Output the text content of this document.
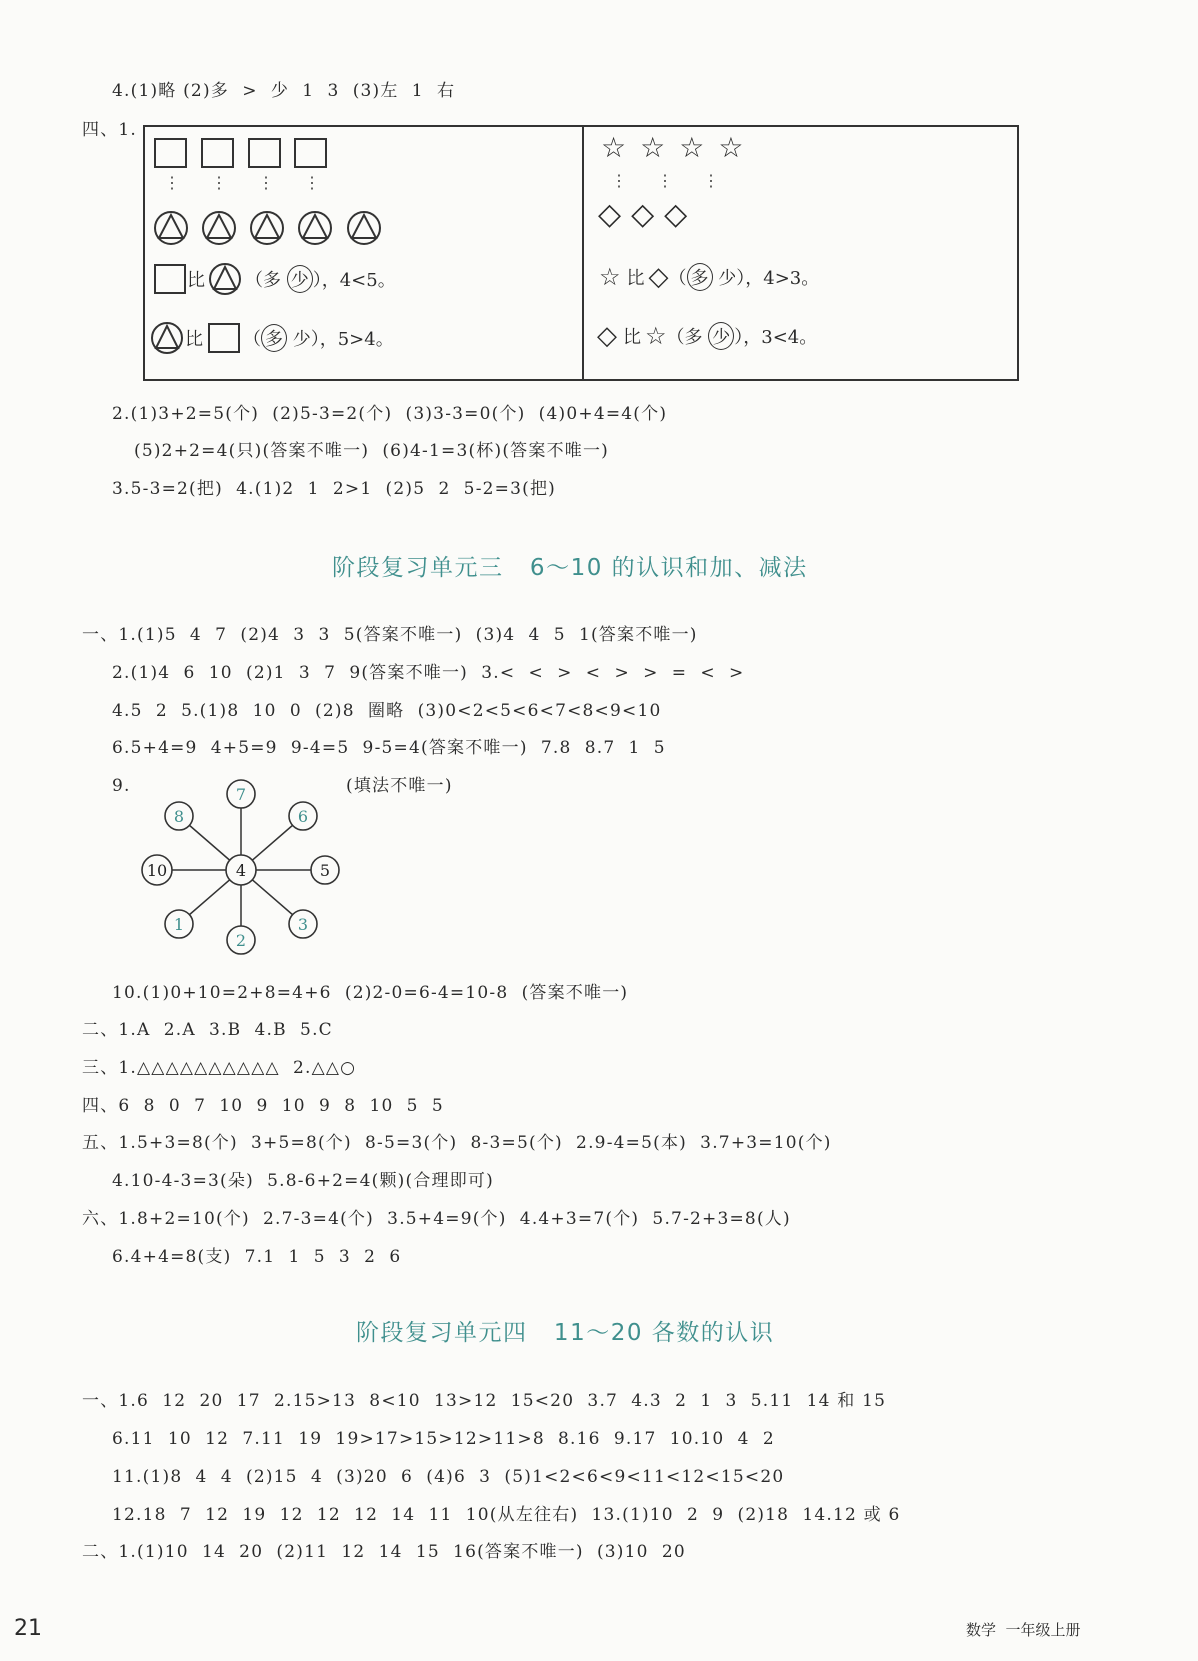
4.(1)略 (2)多  >  少  1  3  (3)左  1  右
四、1.
⋮ ⋮ ⋮ ⋮
比 （多 少 ），4<5。
比 （ 多 少），5>4。
☆☆☆☆
⋮ ⋮ ⋮
◇◇◇
☆ 比 ◇ （ 多 少），4>3。
◇ 比 ☆ （多 少 ），3<4。
2.(1)3+2=5(个)  (2)5-3=2(个)  (3)3-3=0(个)  (4)0+4=4(个)
(5)2+2=4(只)(答案不唯一)  (6)4-1=3(杯)(答案不唯一)
3.5-3=2(把)  4.(1)2  1  2>1  (2)5  2  5-2=3(把)
阶段复习单元三   6～10 的认识和加、减法
一、1.(1)5  4  7  (2)4  3  3  5(答案不唯一)  (3)4  4  5  1(答案不唯一)
2.(1)4  6  10  (2)1  3  7  9(答案不唯一)  3.<  <  >  <  >  >  =  <  >
4.5  2  5.(1)8  10  0  (2)8  圈略  (3)0<2<5<6<7<8<9<10
6.5+4=9  4+5=9  9-4=5  9-5=4(答案不唯一)  7.8  8.7  1  5
9.	(填法不唯一)
4
7
6
5
3
2
1
10
8
10.(1)0+10=2+8=4+6  (2)2-0=6-4=10-8  (答案不唯一)
二、1.A  2.A  3.B  4.B  5.C
三、1.△△△△△△△△△△  2.△△○
四、6  8  0  7  10  9  10  9  8  10  5  5
五、1.5+3=8(个)  3+5=8(个)  8-5=3(个)  8-3=5(个)  2.9-4=5(本)  3.7+3=10(个)
4.10-4-3=3(朵)  5.8-6+2=4(颗)(合理即可)
六、1.8+2=10(个)  2.7-3=4(个)  3.5+4=9(个)  4.4+3=7(个)  5.7-2+3=8(人)
6.4+4=8(支)  7.1  1  5  3  2  6
阶段复习单元四   11～20 各数的认识
一、1.6  12  20  17  2.15>13  8<10  13>12  15<20  3.7  4.3  2  1  3  5.11  14 和 15
6.11  10  12  7.11  19  19>17>15>12>11>8  8.16  9.17  10.10  4  2
11.(1)8  4  4  (2)15  4  (3)20  6  (4)6  3  (5)1<2<6<9<11<12<15<20
12.18  7  12  19  12  12  12  14  11  10(从左往右)  13.(1)10  2  9  (2)18  14.12 或 6
二、1.(1)10  14  20  (2)11  12  14  15  16(答案不唯一)  (3)10  20
21	数学  一年级上册
